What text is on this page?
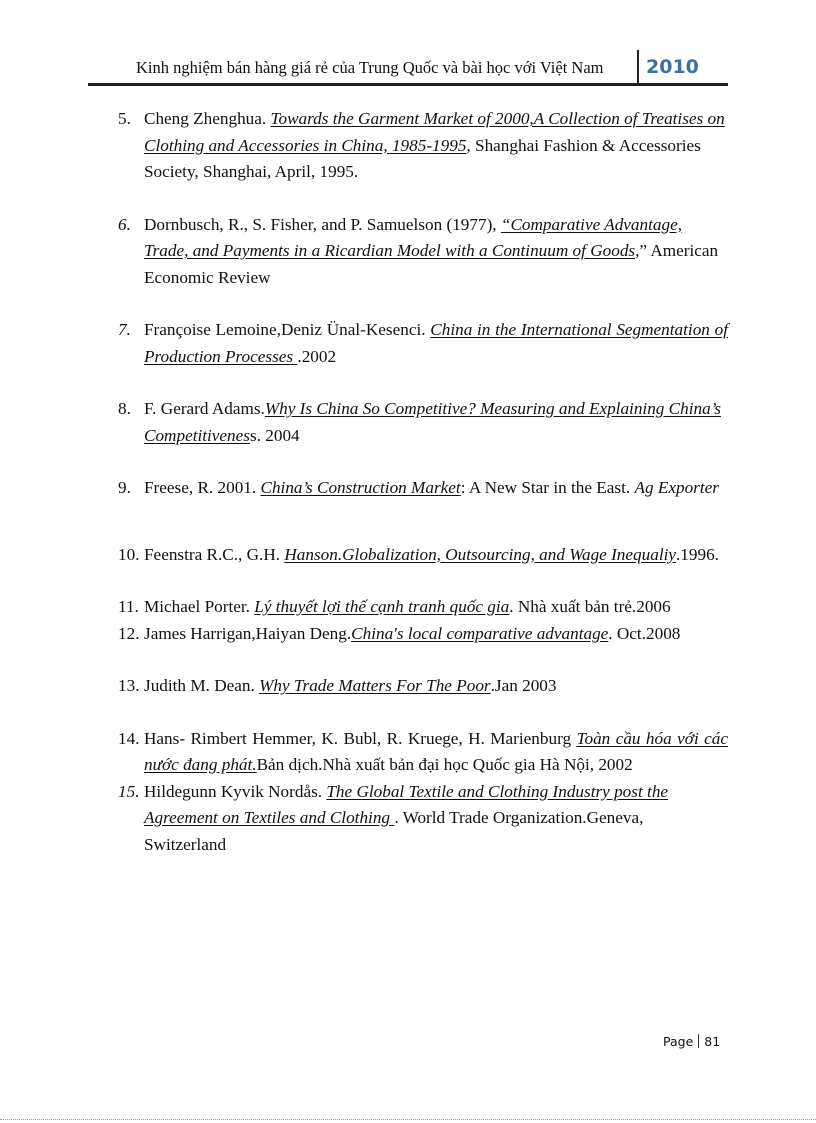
Kinh nghiệm bán hàng giá rẻ của Trung Quốc và bài học với Việt Nam 2010
5. Cheng Zhenghua. Towards the Garment Market of 2000,A Collection of Treatises on Clothing and Accessories in China, 1985-1995, Shanghai Fashion & Accessories Society, Shanghai, April, 1995.
6. Dornbusch, R., S. Fisher, and P. Samuelson (1977), “Comparative Advantage, Trade, and Payments in a Ricardian Model with a Continuum of Goods,” American Economic Review
7. Françoise Lemoine,Deniz Ünal-Kesenci. China in the International Segmentation of Production Processes .2002
8. F. Gerard Adams.Why Is China So Competitive? Measuring and Explaining China’s Competitiveness. 2004
9. Freese, R. 2001. China’s Construction Market: A New Star in the East. Ag Exporter
10. Feenstra R.C., G.H. Hanson.Globalization, Outsourcing, and Wage Inequaliy.1996.
11. Michael Porter. Lý thuyết lợi thế cạnh tranh quốc gia. Nhà xuất bản trẻ.2006
12. James Harrigan,Haiyan Deng.China's local comparative advantage. Oct.2008
13. Judith M. Dean. Why Trade Matters For The Poor.Jan 2003
14. Hans- Rimbert Hemmer, K. Bubl, R. Kruege, H. Marienburg Toàn cầu hóa với các nước đang phát.Bản dịch.Nhà xuất bản đại học Quốc gia Hà Nội, 2002
15. Hildegunn Kyvik Nordås. The Global Textile and Clothing Industry post the Agreement on Textiles and Clothing . World Trade Organization.Geneva, Switzerland
Page 81
